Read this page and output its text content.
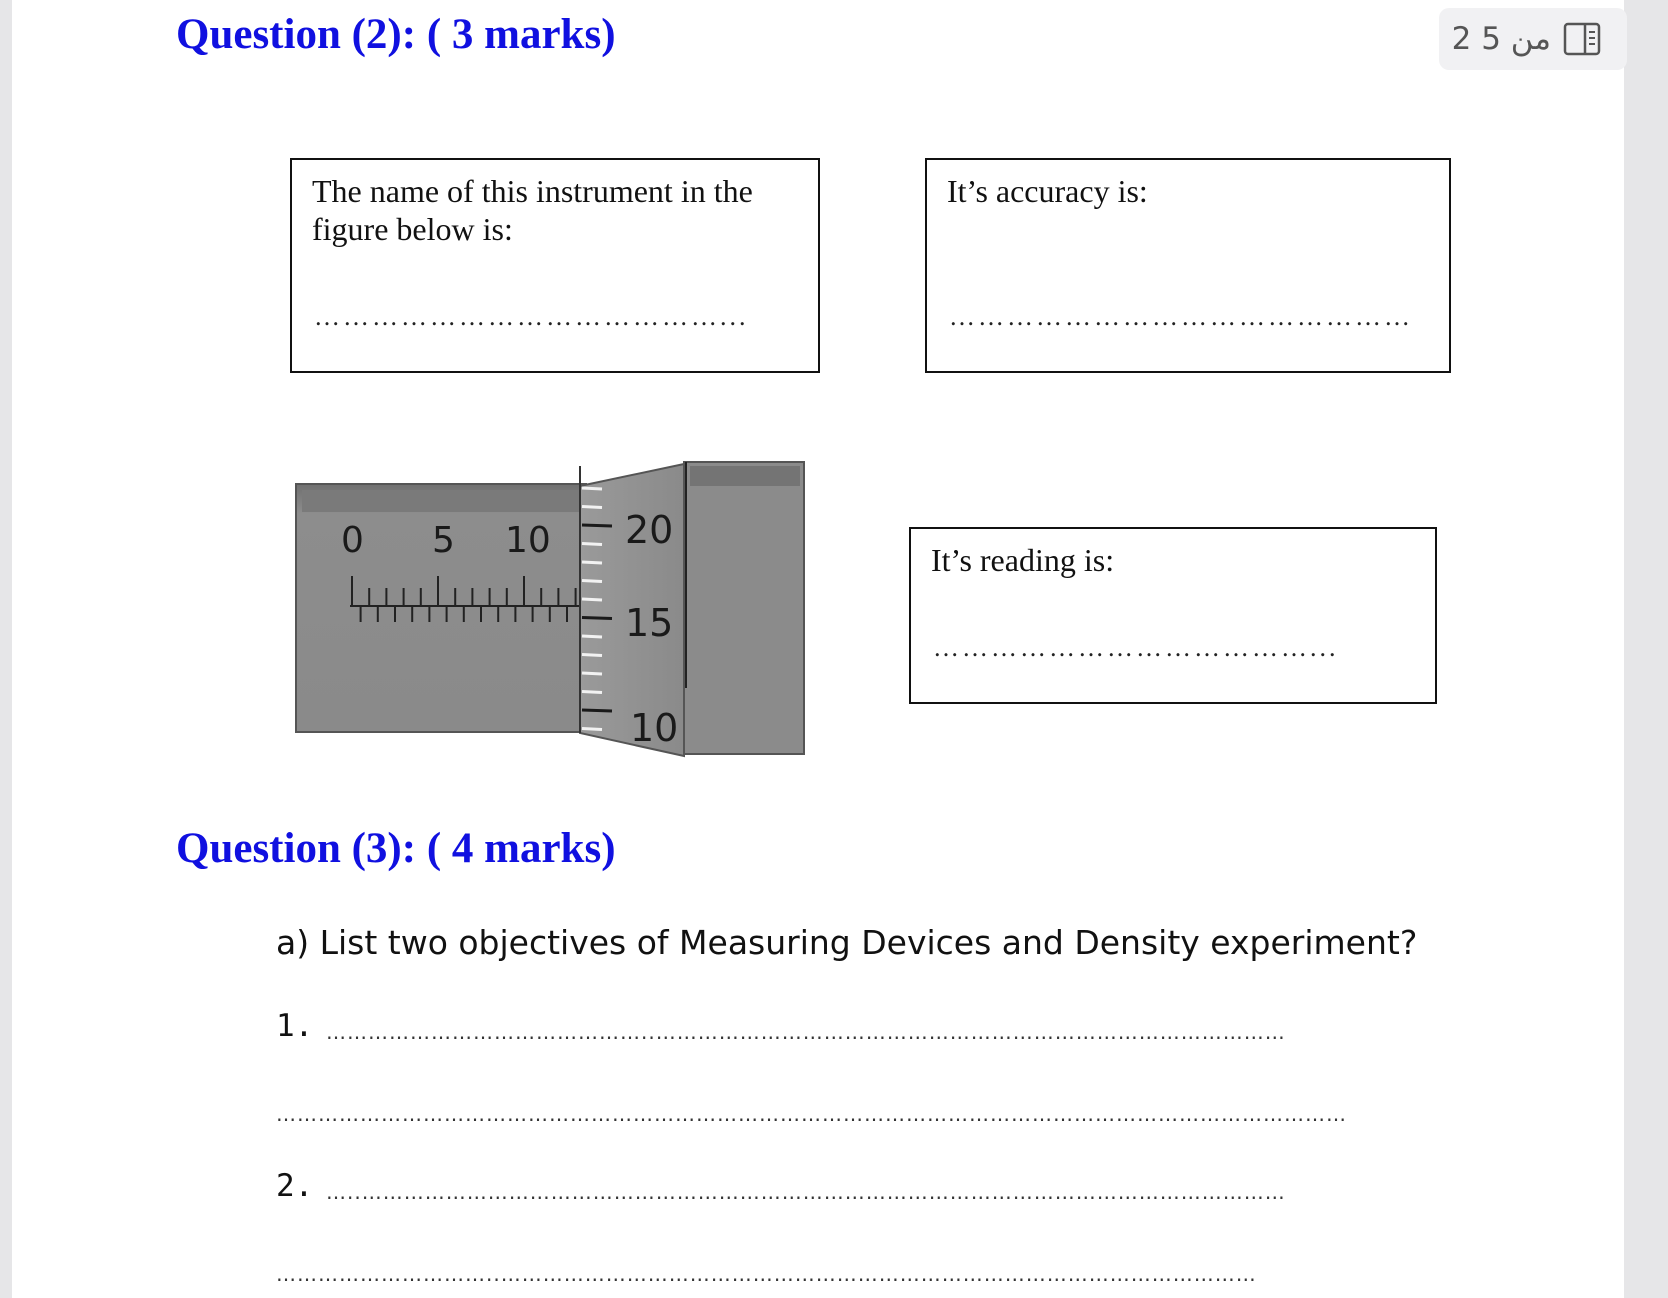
Question (2): ( 3 marks)	2 من 5
The name of this instrument in the figure below is:
……………………………………...
It’s accuracy is:
…………………………………………
It’s reading is:
…………………………………...
0 5 10 20
15
10
Question (3): ( 4 marks)
a) List two objectives of Measuring Devices and Density experiment?
1. ………………………………………..………………………………………………………………………………
………………………………………………………………………………………………………………………………………
2. …..……………………………………………………………………………………………………………………
…………………………..………………………………………………………………………………………………
